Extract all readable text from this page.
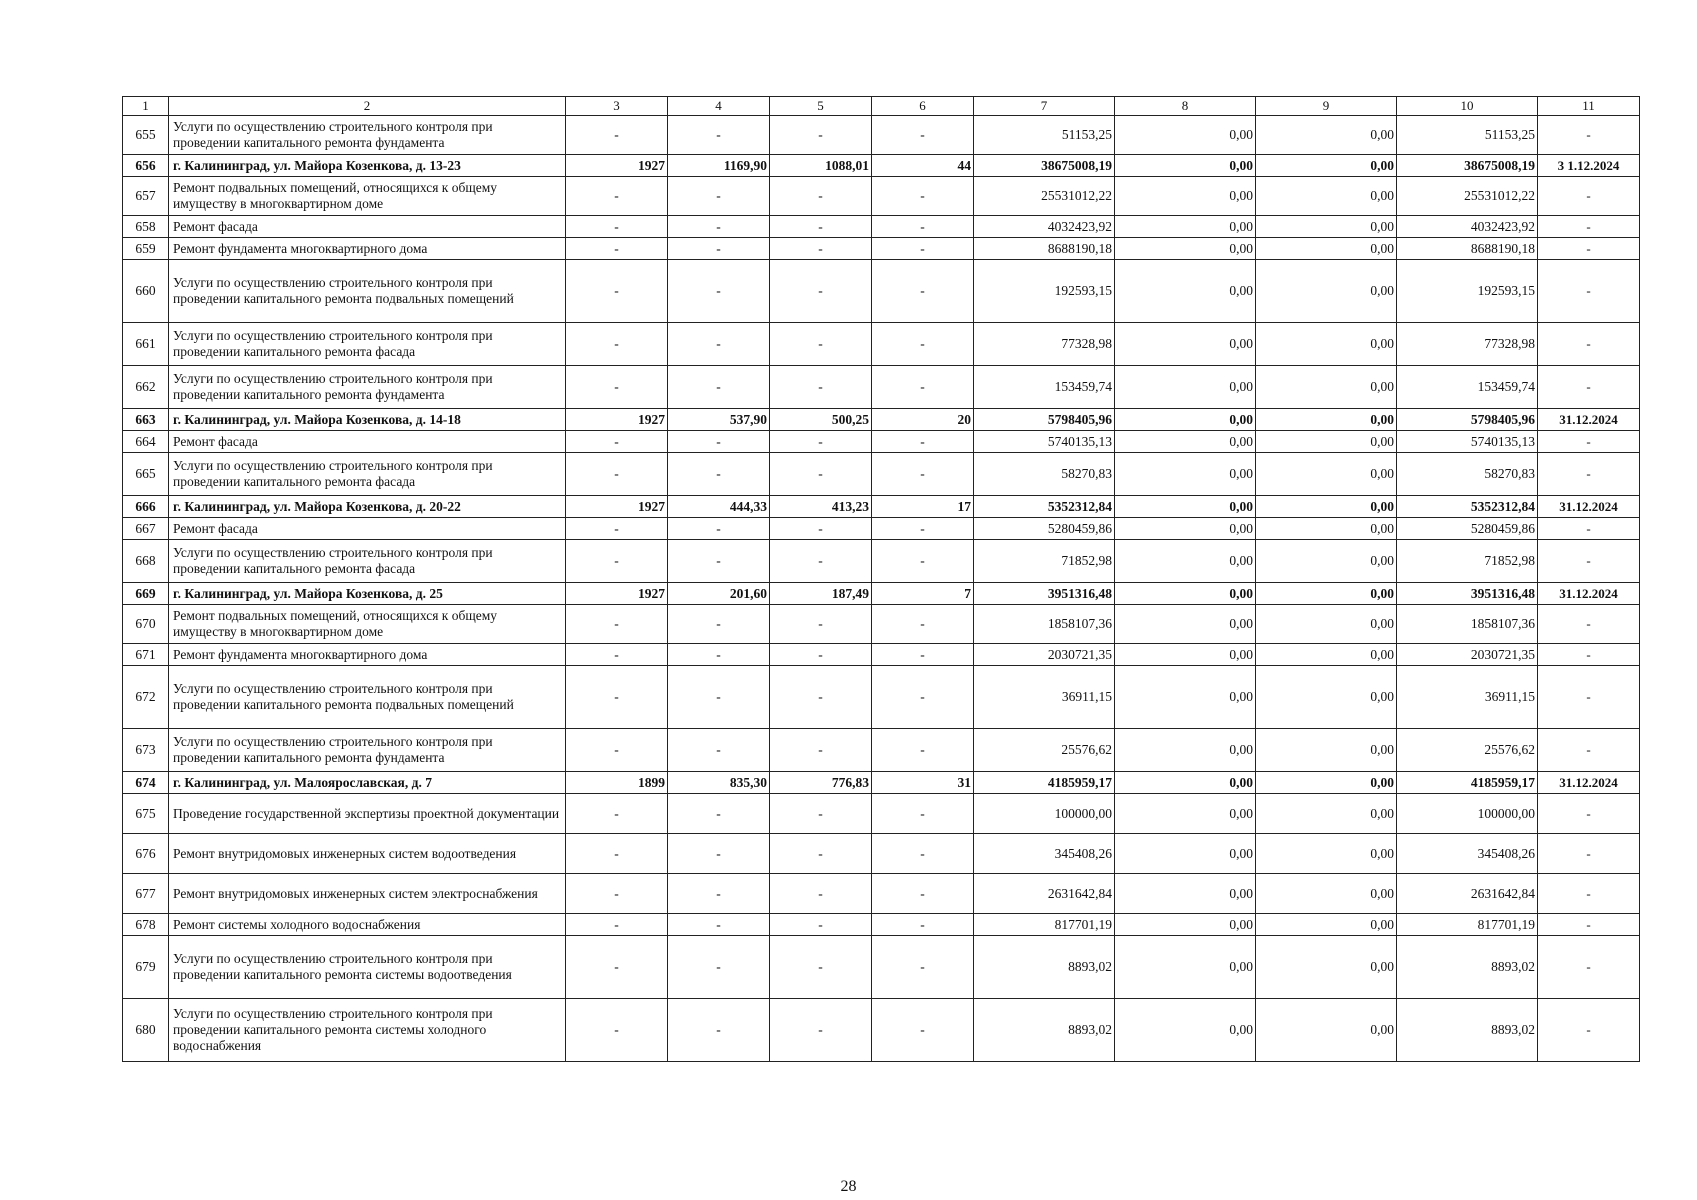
1	2	3	4	5	6	7	8	9	10	11
655	Услуги по осуществлению строительного контроля при проведении капитального ремонта фундамента	-	-	-	-	51153,25	0,00	0,00	51153,25	-
656	г. Калининград, ул. Майора Козенкова, д. 13-23	1927	1169,90	1088,01	44	38675008,19	0,00	0,00	38675008,19	3 1.12.2024
657	Ремонт подвальных помещений, относящихся к общему имуществу в многоквартирном доме	-	-	-	-	25531012,22	0,00	0,00	25531012,22	-
658	Ремонт фасада	-	-	-	-	4032423,92	0,00	0,00	4032423,92	-
659	Ремонт фундамента многоквартирного дома	-	-	-	-	8688190,18	0,00	0,00	8688190,18	-
660	Услуги по осуществлению строительного контроля при проведении капитального ремонта подвальных помещений	-	-	-	-	192593,15	0,00	0,00	192593,15	-
661	Услуги по осуществлению строительного контроля при проведении капитального ремонта фасада	-	-	-	-	77328,98	0,00	0,00	77328,98	-
662	Услуги по осуществлению строительного контроля при проведении капитального ремонта фундамента	-	-	-	-	153459,74	0,00	0,00	153459,74	-
663	г. Калининград, ул. Майора Козенкова, д. 14-18	1927	537,90	500,25	20	5798405,96	0,00	0,00	5798405,96	31.12.2024
664	Ремонт фасада	-	-	-	-	5740135,13	0,00	0,00	5740135,13	-
665	Услуги по осуществлению строительного контроля при проведении капитального ремонта фасада	-	-	-	-	58270,83	0,00	0,00	58270,83	-
666	г. Калининград, ул. Майора Козенкова, д. 20-22	1927	444,33	413,23	17	5352312,84	0,00	0,00	5352312,84	31.12.2024
667	Ремонт фасада	-	-	-	-	5280459,86	0,00	0,00	5280459,86	-
668	Услуги по осуществлению строительного контроля при проведении капитального ремонта фасада	-	-	-	-	71852,98	0,00	0,00	71852,98	-
669	г. Калининград, ул. Майора Козенкова, д. 25	1927	201,60	187,49	7	3951316,48	0,00	0,00	3951316,48	31.12.2024
670	Ремонт подвальных помещений, относящихся к общему имуществу в многоквартирном доме	-	-	-	-	1858107,36	0,00	0,00	1858107,36	-
671	Ремонт фундамента многоквартирного дома	-	-	-	-	2030721,35	0,00	0,00	2030721,35	-
672	Услуги по осуществлению строительного контроля при проведении капитального ремонта подвальных помещений	-	-	-	-	36911,15	0,00	0,00	36911,15	-
673	Услуги по осуществлению строительного контроля при проведении капитального ремонта фундамента	-	-	-	-	25576,62	0,00	0,00	25576,62	-
674	г. Калининград, ул. Малоярославская, д. 7	1899	835,30	776,83	31	4185959,17	0,00	0,00	4185959,17	31.12.2024
675	Проведение государственной экспертизы проектной документации	-	-	-	-	100000,00	0,00	0,00	100000,00	-
676	Ремонт внутридомовых инженерных систем водоотведения	-	-	-	-	345408,26	0,00	0,00	345408,26	-
677	Ремонт внутридомовых инженерных систем электроснабжения	-	-	-	-	2631642,84	0,00	0,00	2631642,84	-
678	Ремонт системы холодного водоснабжения	-	-	-	-	817701,19	0,00	0,00	817701,19	-
679	Услуги по осуществлению строительного контроля при проведении капитального ремонта системы водоотведения	-	-	-	-	8893,02	0,00	0,00	8893,02	-
680	Услуги по осуществлению строительного контроля при проведении капитального ремонта системы холодного водоснабжения	-	-	-	-	8893,02	0,00	0,00	8893,02	-
28
